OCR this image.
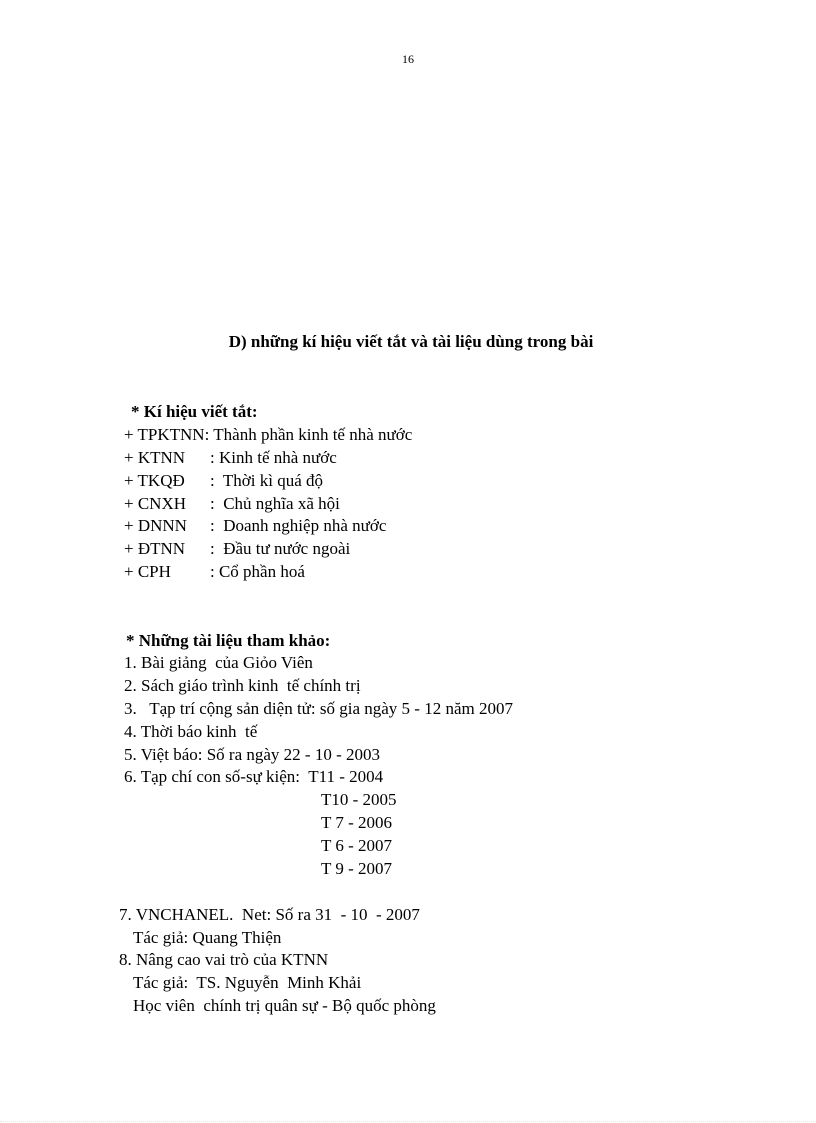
16
D) những kí hiệu viết tắt và tài liệu dùng trong bài
* Kí hiệu viết tắt:
+ TPKTNN: Thành phần kinh tế nhà nước
+ KTNN : Kinh tế nhà nước
+ TKQĐ :  Thời kì quá độ
+ CNXH :  Chủ nghĩa xã hội
+ DNNN :  Doanh nghiệp nhà nước
+ ĐTNN :  Đầu tư nước ngoài
+ CPH : Cổ phần hoá
* Những tài liệu tham khảo:
1. Bài giảng  của Giỏo Viên
2. Sách giáo trình kinh  tế chính trị
3.   Tạp trí cộng sản diện tử: số gia ngày 5 - 12 năm 2007
4. Thời báo kinh  tế
5. Việt báo: Số ra ngày 22 - 10 - 2003
6. Tạp chí con số-sự kiện:  T11 - 2004
T10 - 2005
T 7 - 2006
T 6 - 2007
T 9 - 2007
7. VNCHANEL.  Net: Số ra 31  - 10  - 2007
Tác giả: Quang Thiện
8. Nâng cao vai trò của KTNN
Tác giả:  TS. Nguyễn  Minh Khải
Học viên  chính trị quân sự - Bộ quốc phòng
